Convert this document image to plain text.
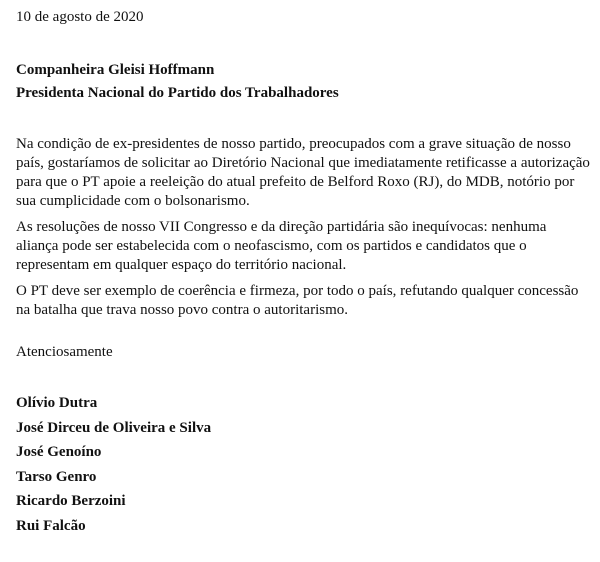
10 de agosto de 2020
Companheira Gleisi Hoffmann
Presidenta Nacional do Partido dos Trabalhadores

Na condição de ex-presidentes de nosso partido, preocupados com a grave situação de nosso país, gostaríamos de solicitar ao Diretório Nacional que imediatamente retificasse a autorização para que o PT apoie a reeleição do atual prefeito de Belford Roxo (RJ), do MDB, notório por sua cumplicidade com o bolsonarismo.

As resoluções de nosso VII Congresso e da direção partidária são inequívocas: nenhuma aliança pode ser estabelecida com o neofascismo, com os partidos e candidatos que o representam em qualquer espaço do território nacional.

O PT deve ser exemplo de coerência e firmeza, por todo o país, refutando qualquer concessão na batalha que trava nosso povo contra o autoritarismo.

Atenciosamente
Olívio Dutra
José Dirceu de Oliveira e Silva
José Genoíno
Tarso Genro
Ricardo Berzoini
Rui Falcão
